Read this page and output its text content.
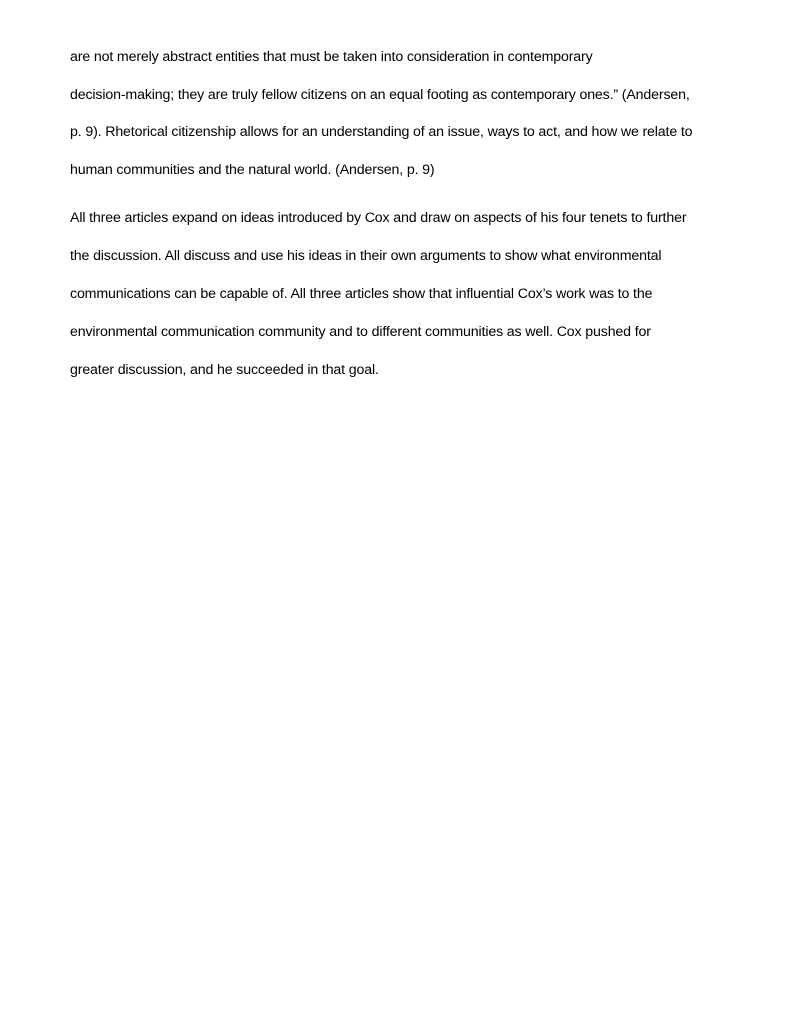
are not merely abstract entities that must be taken into consideration in contemporary
decision-making; they are truly fellow citizens on an equal footing as contemporary ones.” (Andersen,
p. 9). Rhetorical citizenship allows for an understanding of an issue, ways to act, and how we relate to
human communities and the natural world. (Andersen, p. 9)
All three articles expand on ideas introduced by Cox and draw on aspects of his four tenets to further
the discussion. All discuss and use his ideas in their own arguments to show what environmental
communications can be capable of. All three articles show that influential Cox’s work was to the
environmental communication community and to different communities as well. Cox pushed for
greater discussion, and he succeeded in that goal.
